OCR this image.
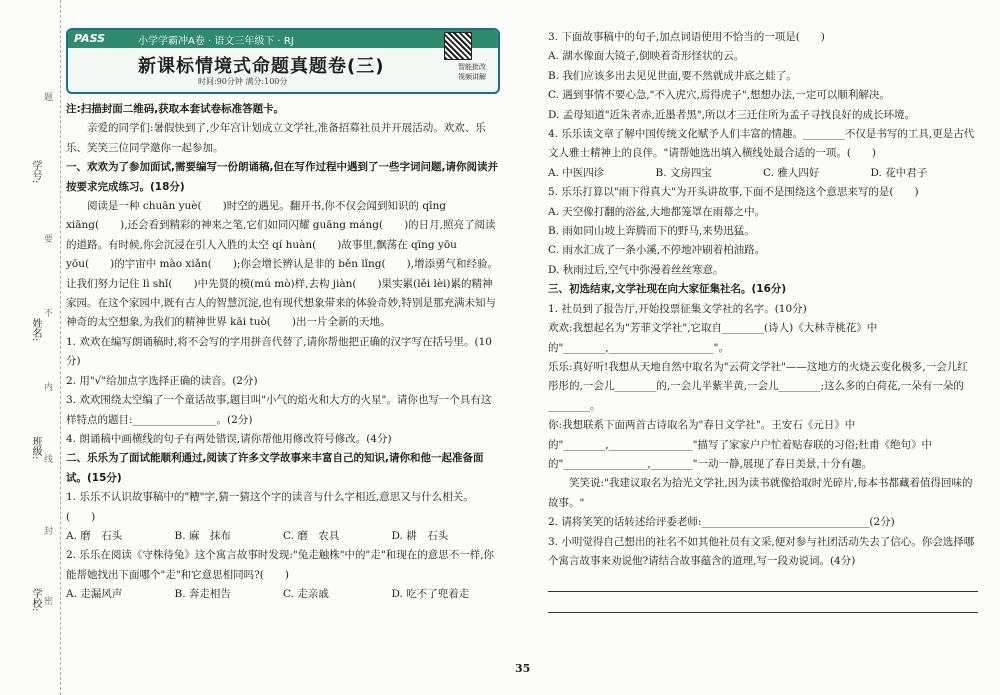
学号:
姓名:
班级:
学校:
题
要
不
内
线
封
密
PASS	小学学霸冲A卷 · 语文三年级下 · RJ
新课标情境式命题真题卷(三)
时间:90分钟 满分:100分
智能批改 视频讲解

注:扫描封面二维码,获取本套试卷标准答题卡。

亲爱的同学们:暑假快到了,少年宫计划成立文学社,准备招募社员并开展活动。欢欢、乐乐、笑笑三位同学邀你一起参加。

一、欢欢为了参加面试,需要编写一份朗诵稿,但在写作过程中遇到了一些字词问题,请你阅读并按要求完成练习。(18分)

阅读是一种 chuān yuè(　　)时空的遇见。翻开书,你不仅会闻到知识的 qīng xiāng(　　),还会看到精彩的神来之笔,它们如同闪耀 guāng máng(　　)的日月,照亮了阅读的道路。有时候,你会沉浸在引人入胜的太空 qí huàn(　　)故事里,飘荡在 qīng yōu yōu(　　)的宇宙中 mào xiǎn(　　);你会增长辨认是非的 běn lǐng(　　),增添勇气和经验。让我们努力记住 lì shǐ(　　)中先贤的模(mú mò)样,去构 jiàn(　　)果实累(lěi lèi)累的精神家园。在这个家园中,既有古人的智慧沉淀,也有现代想象带来的体验奇妙,特别是那充满未知与神奇的太空想象,为我们的精神世界 kāi tuò(　　)出一片全新的天地。

1. 欢欢在编写朗诵稿时,将不会写的字用拼音代替了,请你帮他把正确的汉字写在括号里。(10分)

2. 用"√"给加点字选择正确的读音。(2分)

3. 欢欢围绕太空编了一个童话故事,题目叫"小气的焰火和大方的火星"。请你也写一个具有这样特点的题目:________________。(2分)

4. 朗诵稿中画横线的句子有两处错误,请你帮他用修改符号修改。(4分)

二、乐乐为了面试能顺利通过,阅读了许多文学故事来丰富自己的知识,请你和他一起准备面试。(15分)

1. 乐乐不认识故事稿中的"糟"字,猜一猜这个字的读音与什么字相近,意思又与什么相关。(　　)

A. 磨　石头	B. 麻　抹布	C. 磨　农具	D. 耕　石头

2. 乐乐在阅读《守株待兔》这个寓言故事时发现:"兔走触株"中的"走"和现在的意思不一样,你能帮她找出下面哪个"走"和它意思相同吗?(　　)

A. 走漏风声	B. 奔走相告	C. 走亲戚	D. 吃不了兜着走

3. 下面故事稿中的句子,加点词语使用不恰当的一项是(　　)

A. 湖水像面大镜子,倒映着奇形怪状的云。

B. 我们应该多出去见见世面,要不然就成井底之蛙了。

C. 遇到事情不要心急,"不入虎穴,焉得虎子",想想办法,一定可以顺利解决。

D. 孟母知道"近朱者赤,近墨者黑",所以才三迁住所为孟子寻找良好的成长环境。

4. 乐乐读文章了解中国传统文化赋予人们丰富的情趣。________不仅是书写的工具,更是古代文人雅士精神上的良伴。"请帮她选出填入横线处最合适的一项。(　　)

A. 中医四诊	B. 文房四宝	C. 雅人四好	D. 花中君子

5. 乐乐打算以"雨下得真大"为开头讲故事,下面不是围绕这个意思来写的是(　　)

A. 天空像打翻的浴盆,大地都笼罩在雨幕之中。

B. 雨如同山坡上奔腾而下的野马,来势迅猛。

C. 雨水汇成了一条小溪,不停地冲刷着柏油路。

D. 秋雨过后,空气中弥漫着丝丝寒意。

三、初选结束,文学社现在向大家征集社名。(16分)

1. 社员到了报告厅,开始投票征集文学社的名字。(10分)

欢欢:我想起名为"芳菲文学社",它取自________(诗人)《大林寺桃花》中的"________,____________________"。

乐乐:真好听!我想从天地自然中取名为"云荷文学社"——这地方的火烧云变化极多,一会儿红彤彤的,一会儿________的,一会儿半紫半黄,一会儿________;这么多的白荷花,一朵有一朵的________。

你:我想联系下面两首古诗取名为"春日文学社"。王安石《元日》中的"________,________________"描写了家家户户忙着贴春联的习俗;杜甫《绝句》中的"________________,________"一动一静,展现了春日美景,十分有趣。

笑笑说:"我建议取名为拾光文学社,因为读书就像拾取时光碎片,每本书都藏着值得回味的故事。"

2. 请将笑笑的话转述给评委老师:________________________________(2分)

3. 小明觉得自己想出的社名不如其他社员有文采,便对参与社团活动失去了信心。你会选择哪个寓言故事来劝说他?请结合故事蕴含的道理,写一段劝说词。(4分)

35
